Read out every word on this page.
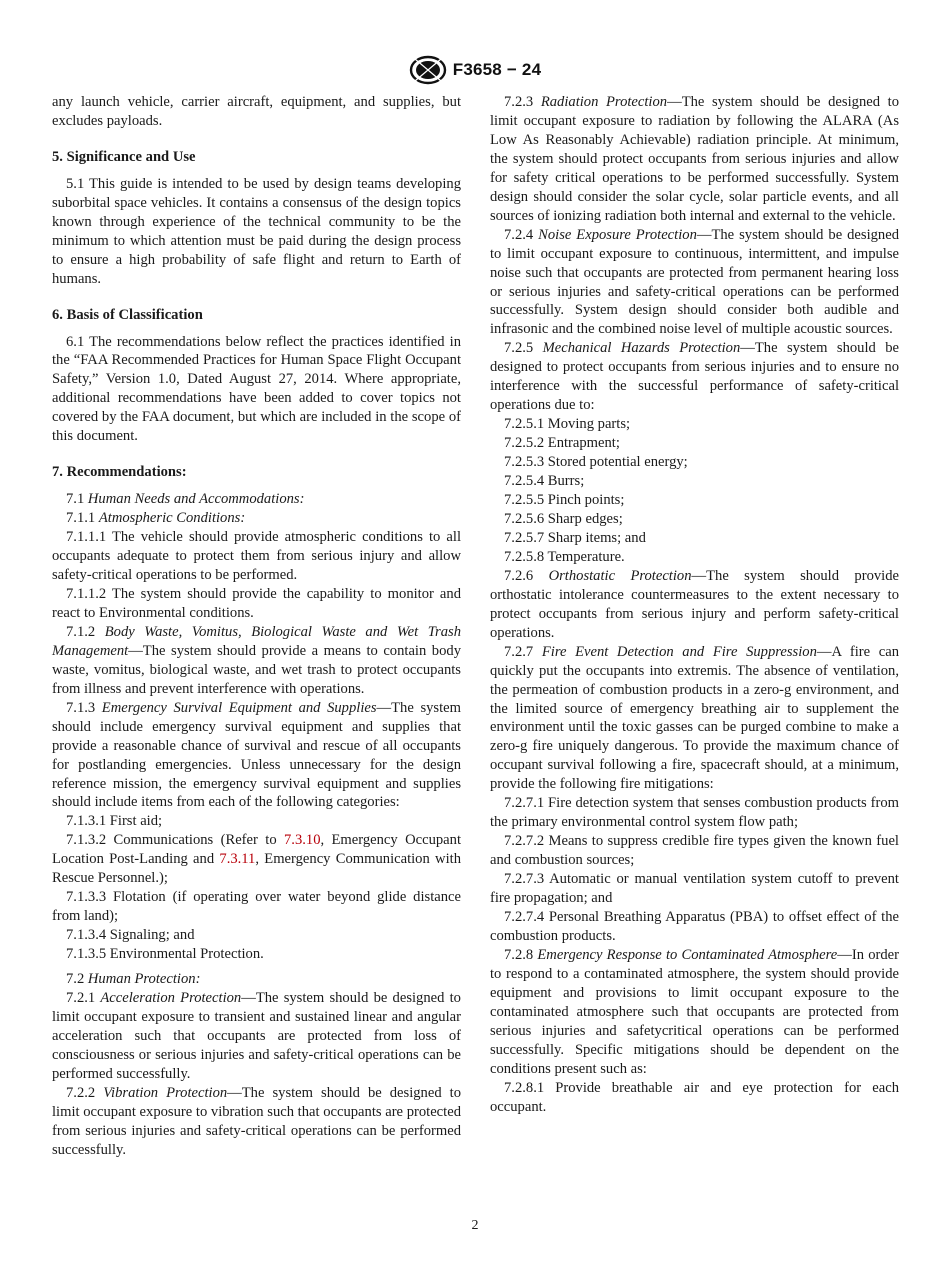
F3658 − 24

any launch vehicle, carrier aircraft, equipment, and supplies, but excludes payloads.

5. Significance and Use

5.1 This guide is intended to be used by design teams developing suborbital space vehicles. It contains a consensus of the design topics known through experience of the technical community to be the minimum to which attention must be paid during the design process to ensure a high probability of safe flight and return to Earth of humans.

6. Basis of Classification

6.1 The recommendations below reflect the practices identified in the “FAA Recommended Practices for Human Space Flight Occupant Safety,” Version 1.0, Dated August 27, 2014. Where appropriate, additional recommendations have been added to cover topics not covered by the FAA document, but which are included in the scope of this document.

7. Recommendations:

7.1 Human Needs and Accommodations:

7.1.1 Atmospheric Conditions:

7.1.1.1 The vehicle should provide atmospheric conditions to all occupants adequate to protect them from serious injury and allow safety-critical operations to be performed.

7.1.1.2 The system should provide the capability to monitor and react to Environmental conditions.

7.1.2 Body Waste, Vomitus, Biological Waste and Wet Trash Management—The system should provide a means to contain body waste, vomitus, biological waste, and wet trash to protect occupants from illness and prevent interference with operations.

7.1.3 Emergency Survival Equipment and Supplies—The system should include emergency survival equipment and supplies that provide a reasonable chance of survival and rescue of all occupants for postlanding emergencies. Unless unnecessary for the design reference mission, the emergency survival equipment and supplies should include items from each of the following categories:

7.1.3.1 First aid;

7.1.3.2 Communications (Refer to 7.3.10, Emergency Occupant Location Post-Landing and 7.3.11, Emergency Communication with Rescue Personnel.);

7.1.3.3 Flotation (if operating over water beyond glide distance from land);

7.1.3.4 Signaling; and

7.1.3.5 Environmental Protection.

7.2 Human Protection:

7.2.1 Acceleration Protection—The system should be designed to limit occupant exposure to transient and sustained linear and angular acceleration such that occupants are protected from loss of consciousness or serious injuries and safety-critical operations can be performed successfully.

7.2.2 Vibration Protection—The system should be designed to limit occupant exposure to vibration such that occupants are protected from serious injuries and safety-critical operations can be performed successfully.

7.2.3 Radiation Protection—The system should be designed to limit occupant exposure to radiation by following the ALARA (As Low As Reasonably Achievable) radiation principle. At minimum, the system should protect occupants from serious injuries and allow for safety critical operations to be performed successfully. System design should consider the solar cycle, solar particle events, and all sources of ionizing radiation both internal and external to the vehicle.

7.2.4 Noise Exposure Protection—The system should be designed to limit occupant exposure to continuous, intermittent, and impulse noise such that occupants are protected from permanent hearing loss or serious injuries and safety-critical operations can be performed successfully. System design should consider both audible and infrasonic and the combined noise level of multiple acoustic sources.

7.2.5 Mechanical Hazards Protection—The system should be designed to protect occupants from serious injuries and to ensure no interference with the successful performance of safety-critical operations due to:

7.2.5.1 Moving parts;

7.2.5.2 Entrapment;

7.2.5.3 Stored potential energy;

7.2.5.4 Burrs;

7.2.5.5 Pinch points;

7.2.5.6 Sharp edges;

7.2.5.7 Sharp items; and

7.2.5.8 Temperature.

7.2.6 Orthostatic Protection—The system should provide orthostatic intolerance countermeasures to the extent necessary to protect occupants from serious injury and perform safety-critical operations.

7.2.7 Fire Event Detection and Fire Suppression—A fire can quickly put the occupants into extremis. The absence of ventilation, the permeation of combustion products in a zero-g environment, and the limited source of emergency breathing air to supplement the environment until the toxic gasses can be purged combine to make a zero-g fire uniquely dangerous. To provide the maximum chance of occupant survival following a fire, spacecraft should, at a minimum, provide the following fire mitigations:

7.2.7.1 Fire detection system that senses combustion products from the primary environmental control system flow path;

7.2.7.2 Means to suppress credible fire types given the known fuel and combustion sources;

7.2.7.3 Automatic or manual ventilation system cutoff to prevent fire propagation; and

7.2.7.4 Personal Breathing Apparatus (PBA) to offset effect of the combustion products.

7.2.8 Emergency Response to Contaminated Atmosphere—In order to respond to a contaminated atmosphere, the system should provide equipment and provisions to limit occupant exposure to the contaminated atmosphere such that occupants are protected from serious injuries and safetycritical operations can be performed successfully. Specific mitigations should be dependent on the conditions present such as:

7.2.8.1 Provide breathable air and eye protection for each occupant.

2
